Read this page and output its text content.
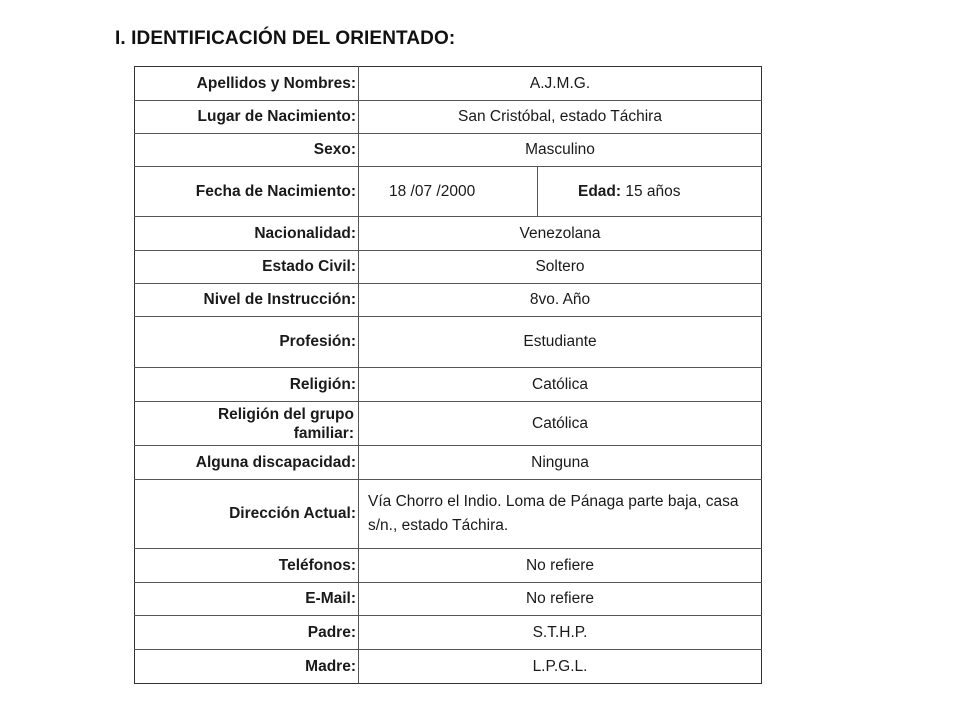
I. IDENTIFICACIÓN DEL ORIENTADO:
Apellidos y Nombres:	A.J.M.G.	
Lugar de Nacimiento:	San Cristóbal, estado Táchira	
Sexo:	Masculino	
Fecha de Nacimiento:	18 /07 /2000	Edad: 15 años
Nacionalidad:	Venezolana	
Estado Civil:	Soltero	
Nivel de Instrucción:	8vo. Año	
Profesión:	Estudiante	
Religión:	Católica	
Religión del grupo familiar:	Católica	
Alguna discapacidad:	Ninguna	
Dirección Actual:	Vía Chorro el Indio. Loma de Pánaga parte baja, casa s/n., estado Táchira.	
Teléfonos:	No refiere	
E-Mail:	No refiere	
Padre:	S.T.H.P.	
Madre:	L.P.G.L.	
